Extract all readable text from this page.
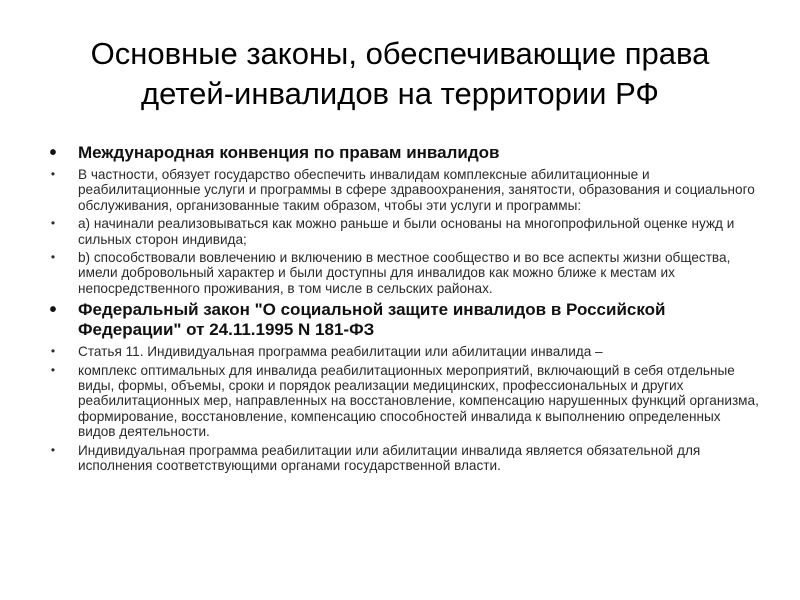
Основные законы, обеспечивающие права
детей-инвалидов на территории РФ
• Международная конвенция по правам инвалидов
•	В частности, обязует государство обеспечить инвалидам комплексные абилитационные и реабилитационные услуги и программы в сфере здравоохранения, занятости, образования и социального обслуживания, организованные таким образом, чтобы эти услуги и программы:
•	a) начинали реализовываться как можно раньше и были основаны на многопрофильной оценке нужд и сильных сторон индивида;
•	b) способствовали вовлечению и включению в местное сообщество и во все аспекты жизни общества, имели добровольный характер и были доступны для инвалидов как можно ближе к местам их непосредственного проживания, в том числе в сельских районах.
• Федеральный закон "О социальной защите инвалидов в Российской Федерации" от 24.11.1995 N 181-ФЗ
•	Статья 11. Индивидуальная программа реабилитации или абилитации инвалида –
•	комплекс оптимальных для инвалида реабилитационных мероприятий, включающий в себя отдельные виды, формы, объемы, сроки и порядок реализации медицинских, профессиональных и других реабилитационных мер, направленных на восстановление, компенсацию нарушенных функций организма, формирование, восстановление, компенсацию способностей инвалида к выполнению определенных видов деятельности.
•	Индивидуальная программа реабилитации или абилитации инвалида является обязательной для исполнения соответствующими органами государственной власти.
